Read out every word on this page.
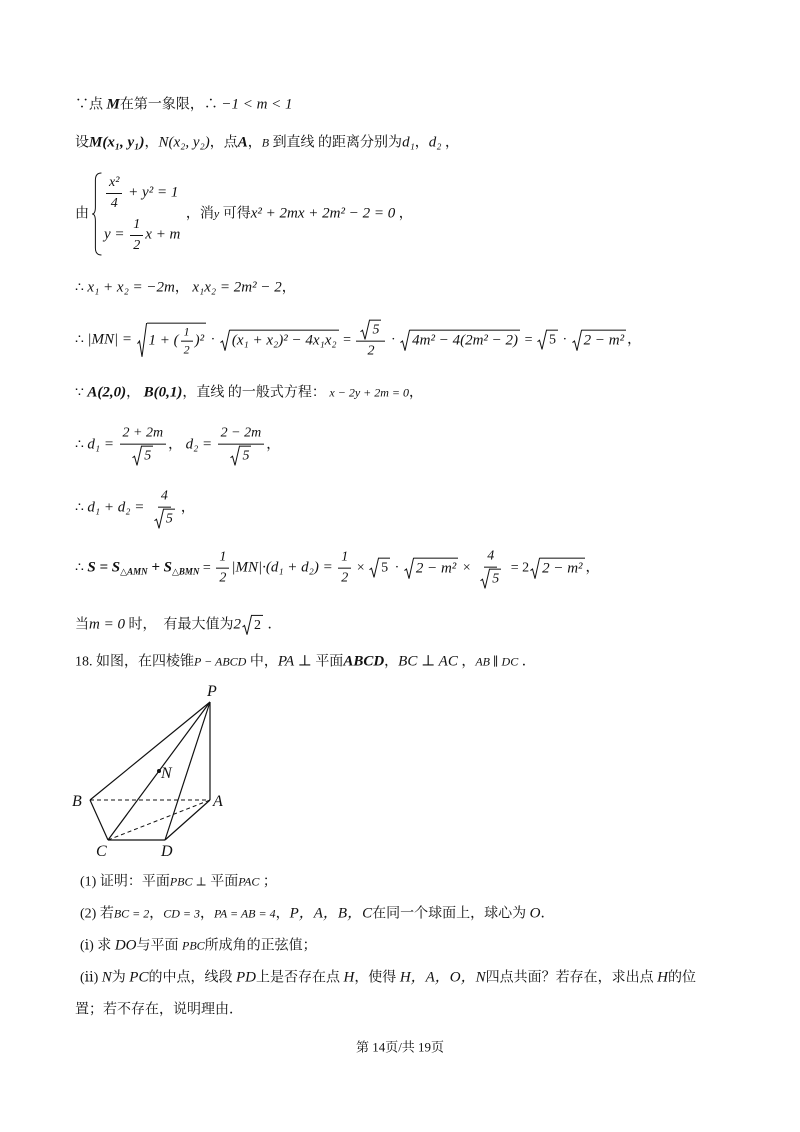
∵点 M在第一象限，∴ −1 < m < 1
设M(x₁, y₁)，N(x₂, y₂)，点A，B 到直线 的距离分别为d₁，d₂ ，
由
$\frac{\text{x²}}{4} + y^2 = 1$
$y = \frac{1}{2}$ x + m
，消y 可得x² + 2mx + 2m² − 2 = 0 ，
∴ x₁ + x₂ = −2m， x₁x₂ = 2m² − 2，
∴ |MN| = 1 + ( $\frac{1}{2} )^2 \cdot (x_1 + x_2)^2 - 4x_1x_2 = \frac{5}{2} \cdot 4m^2 - 4(2m^2 - 2) = 5 \cdot 2 - m^2$ ，
∵ A(2,0)， B(0,1)，直线 的一般式方程： x − 2y + 2m = 0，
∴ $d_1 = \frac{2 + 2m}{5}$ ， $d_2 = \frac{2 - 2m}{5}$ ，
∴ $d_1 + d_2 = \frac{4}{5}$ ，
∴ $S = S_{\triangle AMN} + S_{\triangle BMN} = \frac{1}{2} |MN|\cdot(d_1 + d_2) = \frac{1}{2} \times 5 \cdot 2 - m^2 \times \frac{4}{5} = 2$ 2 − m² ，
当m = 0 时，　有最大值为2 2 ．
18. 如图，在四棱锥P − ABCD 中，PA ⊥ 平面ABCD，BC ⊥ AC ，AB ∥ DC ．
P
N
B	A
C	D
(1) 证明：平面PBC ⊥ 平面PAC ；
(2) 若BC = 2，CD = 3，PA = AB = 4，P，A，B，C在同一个球面上，球心为 O．
(ⅰ) 求 DO与平面 PBC所成角的正弦值；
(ⅱ) N为 PC的中点，线段 PD上是否存在点 H，使得 H，A，O，N四点共面？若存在，求出点 H的位
置；若不存在，说明理由．
第 14页/共 19页
